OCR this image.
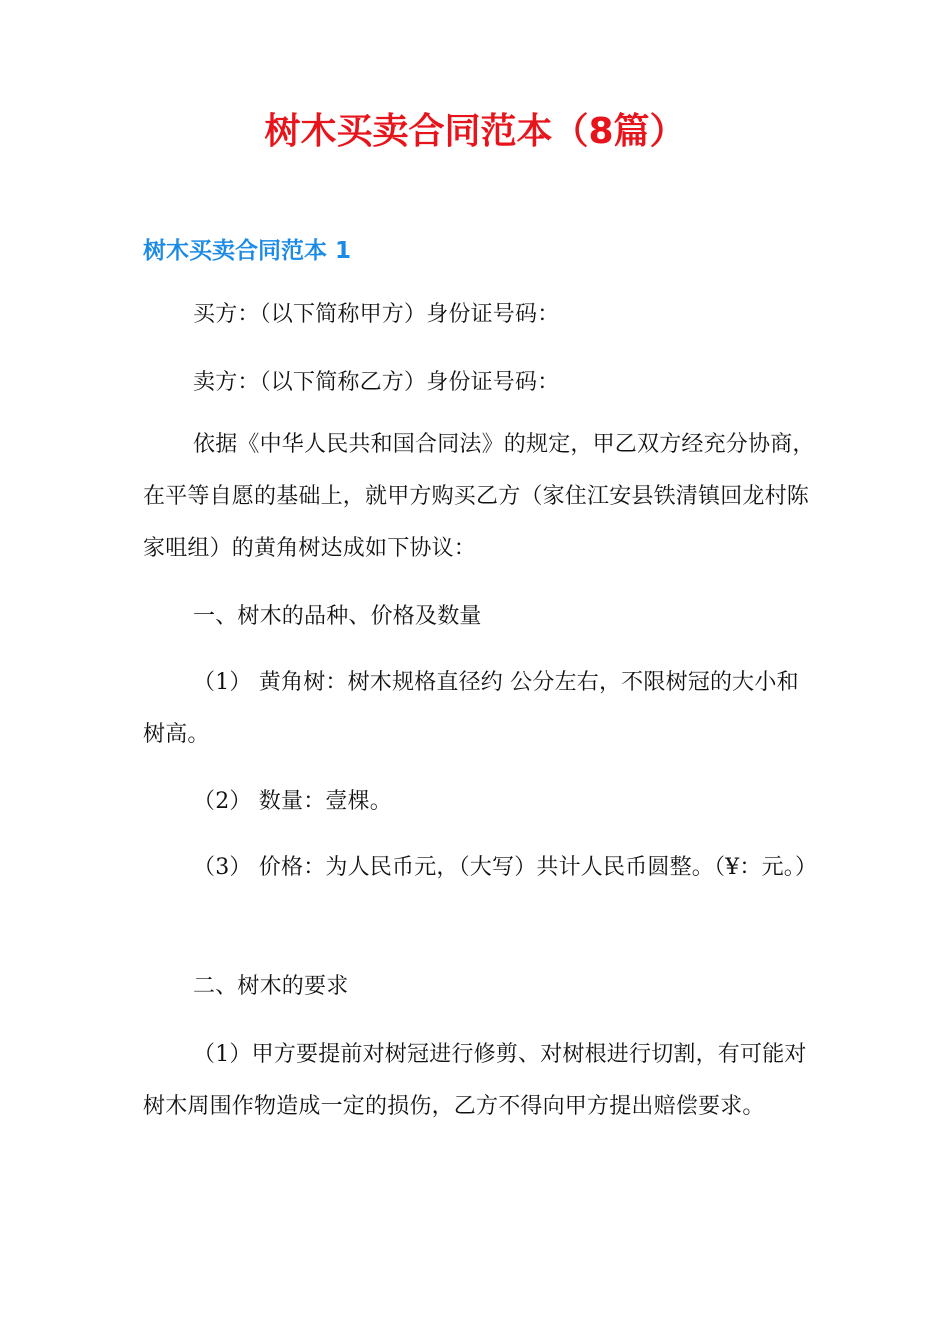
树木买卖合同范本（8篇）
树木买卖合同范本 1

买方：（以下简称甲方）身份证号码：

卖方：（以下简称乙方）身份证号码：

依据《中华人民共和国合同法》的规定，甲乙双方经充分协商，在平等自愿的基础上，就甲方购买乙方（家住江安县铁清镇回龙村陈家咀组）的黄角树达成如下协议：

一、树木的品种、价格及数量

（1） 黄角树：树木规格直径约 公分左右，不限树冠的大小和 树高。

（2） 数量：壹棵。

（3） 价格：为人民币元，（大写）共计人民币圆整。（¥：元。）

二、树木的要求

（1）甲方要提前对树冠进行修剪、对树根进行切割，有可能对树木周围作物造成一定的损伤，乙方不得向甲方提出赔偿要求。
